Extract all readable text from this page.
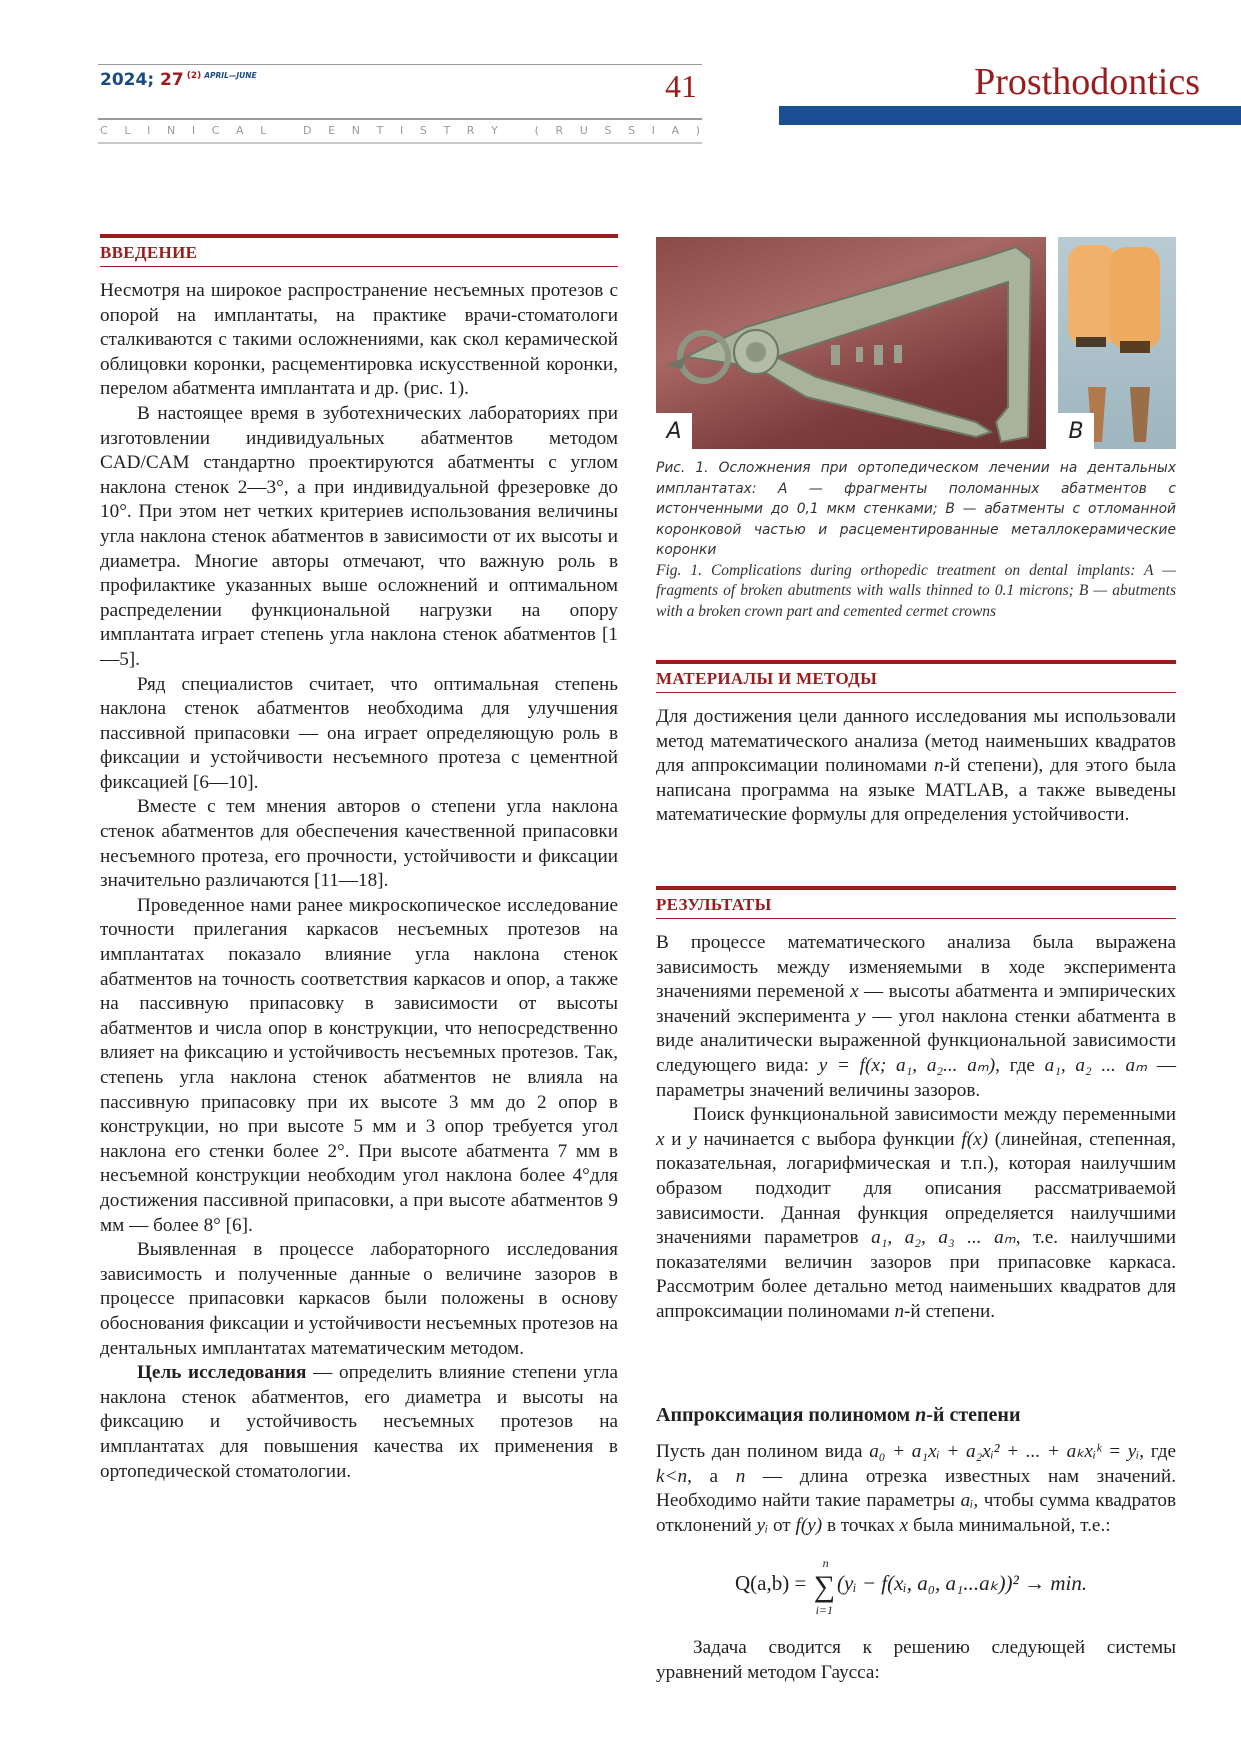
2024; 27 $^{(2)}$ $^{APRIL—JUNE}$	41
C L I N I C A L
	D E N T I S T R Y
	( R U S S I A )
Prosthodontics
ВВЕДЕНИЕ

Несмотря на широкое распространение несъемных протезов с опорой на имплантаты, на практике врачи-стоматологи сталкиваются с такими осложнениями, как скол керамической облицовки коронки, расцементировка искусственной коронки, перелом абатмента имплантата и др. (рис. 1).

В настоящее время в зуботехнических лабораториях при изготовлении индивидуальных абатментов методом CAD/CAM стандартно проектируются абатменты с углом наклона стенок 2—3°, а при индивидуальной фрезеровке до 10°. При этом нет четких критериев использования величины угла наклона стенок абатментов в зависимости от их высоты и диаметра. Многие авторы отмечают, что важную роль в профилактике указанных выше осложнений и оптимальном распределении функциональной нагрузки на опору имплантата играет степень угла наклона стенок абатментов [1—5].

Ряд специалистов считает, что оптимальная степень наклона стенок абатментов необходима для улучшения пассивной припасовки — она играет определяющую роль в фиксации и устойчивости несъемного протеза с цементной фиксацией [6—10].

Вместе с тем мнения авторов о степени угла наклона стенок абатментов для обеспечения качественной припасовки несъемного протеза, его прочности, устойчивости и фиксации значительно различаются [11—18].

Проведенное нами ранее микроскопическое исследование точности прилегания каркасов несъемных протезов на имплантатах показало влияние угла наклона стенок абатментов на точность соответствия каркасов и опор, а также на пассивную припасовку в зависимости от высоты абатментов и числа опор в конструкции, что непосредственно влияет на фиксацию и устойчивость несъемных протезов. Так, степень угла наклона стенок абатментов не влияла на пассивную припасовку при их высоте 3 мм до 2 опор в конструкции, но при высоте 5 мм и 3 опор требуется угол наклона его стенки более 2°. При высоте абатмента 7 мм в несъемной конструкции необходим угол наклона более 4°для достижения пассивной припасовки, а при высоте абатментов 9 мм — более 8° [6].

Выявленная в процессе лабораторного исследования зависимость и полученные данные о величине зазоров в процессе припасовки каркасов были положены в основу обоснования фиксации и устойчивости несъемных протезов на дентальных имплантатах математическим методом.

Цель исследования — определить влияние степени угла наклона стенок абатментов, его диаметра и высоты на фиксацию и устойчивость несъемных протезов на имплантатах для повышения качества их применения в ортопедической стоматологии.

A	B
Рис. 1. Осложнения при ортопедическом лечении на дентальных имплантатах: A — фрагменты поломанных абатментов с истонченными до 0,1 мкм стенками; B — абатменты с отломанной коронковой частью и расцементированные металлокерамические коронки
Fig. 1. Complications during orthopedic treatment on dental implants: A — fragments of broken abutments with walls thinned to 0.1 microns; B — abutments with a broken crown part and cemented cermet crowns
МАТЕРИАЛЫ И МЕТОДЫ

Для достижения цели данного исследования мы использовали метод математического анализа (метод наименьших квадратов для аппроксимации полиномами n-й степени), для этого была написана программа на языке MATLAB, а также выведены математические формулы для определения устойчивости.

РЕЗУЛЬТАТЫ

В процессе математического анализа была выражена зависимость между изменяемыми в ходе эксперимента значениями переменой x — высоты абатмента и эмпирических значений эксперимента y — угол наклона стенки абатмента в виде аналитически выраженной функциональной зависимости следующего вида: y = f(x; a₁, a₂... aₘ), где a₁, a₂ ... aₘ — параметры значений величины зазоров.

Поиск функциональной зависимости между переменными x и y начинается с выбора функции f(x) (линейная, степенная, показательная, логарифмическая и т.п.), которая наилучшим образом подходит для описания рассматриваемой зависимости. Данная функция определяется наилучшими значениями параметров a₁, a₂, a₃ ... aₘ, т.е. наилучшими показателями величин зазоров при припасовке каркаса. Рассмотрим более детально метод наименьших квадратов для аппроксимации полиномами n-й степени.

Аппроксимация полиномом n-й степени

Пусть дан полином вида a₀ + a₁xᵢ + a₂xᵢ² + ... + aₖxᵢᵏ = yᵢ, где k<n, а n — длина отрезка известных нам значений. Необходимо найти такие параметры aᵢ, чтобы сумма квадратов отклонений yᵢ от f(y) в точках x была минимальной, т.е.:

Q(a,b) = ∑
n
i=1
(yᵢ − f(xᵢ, a₀, a₁...aₖ))² → min.

Задача сводится к решению следующей системы уравнений методом Гаусса:
